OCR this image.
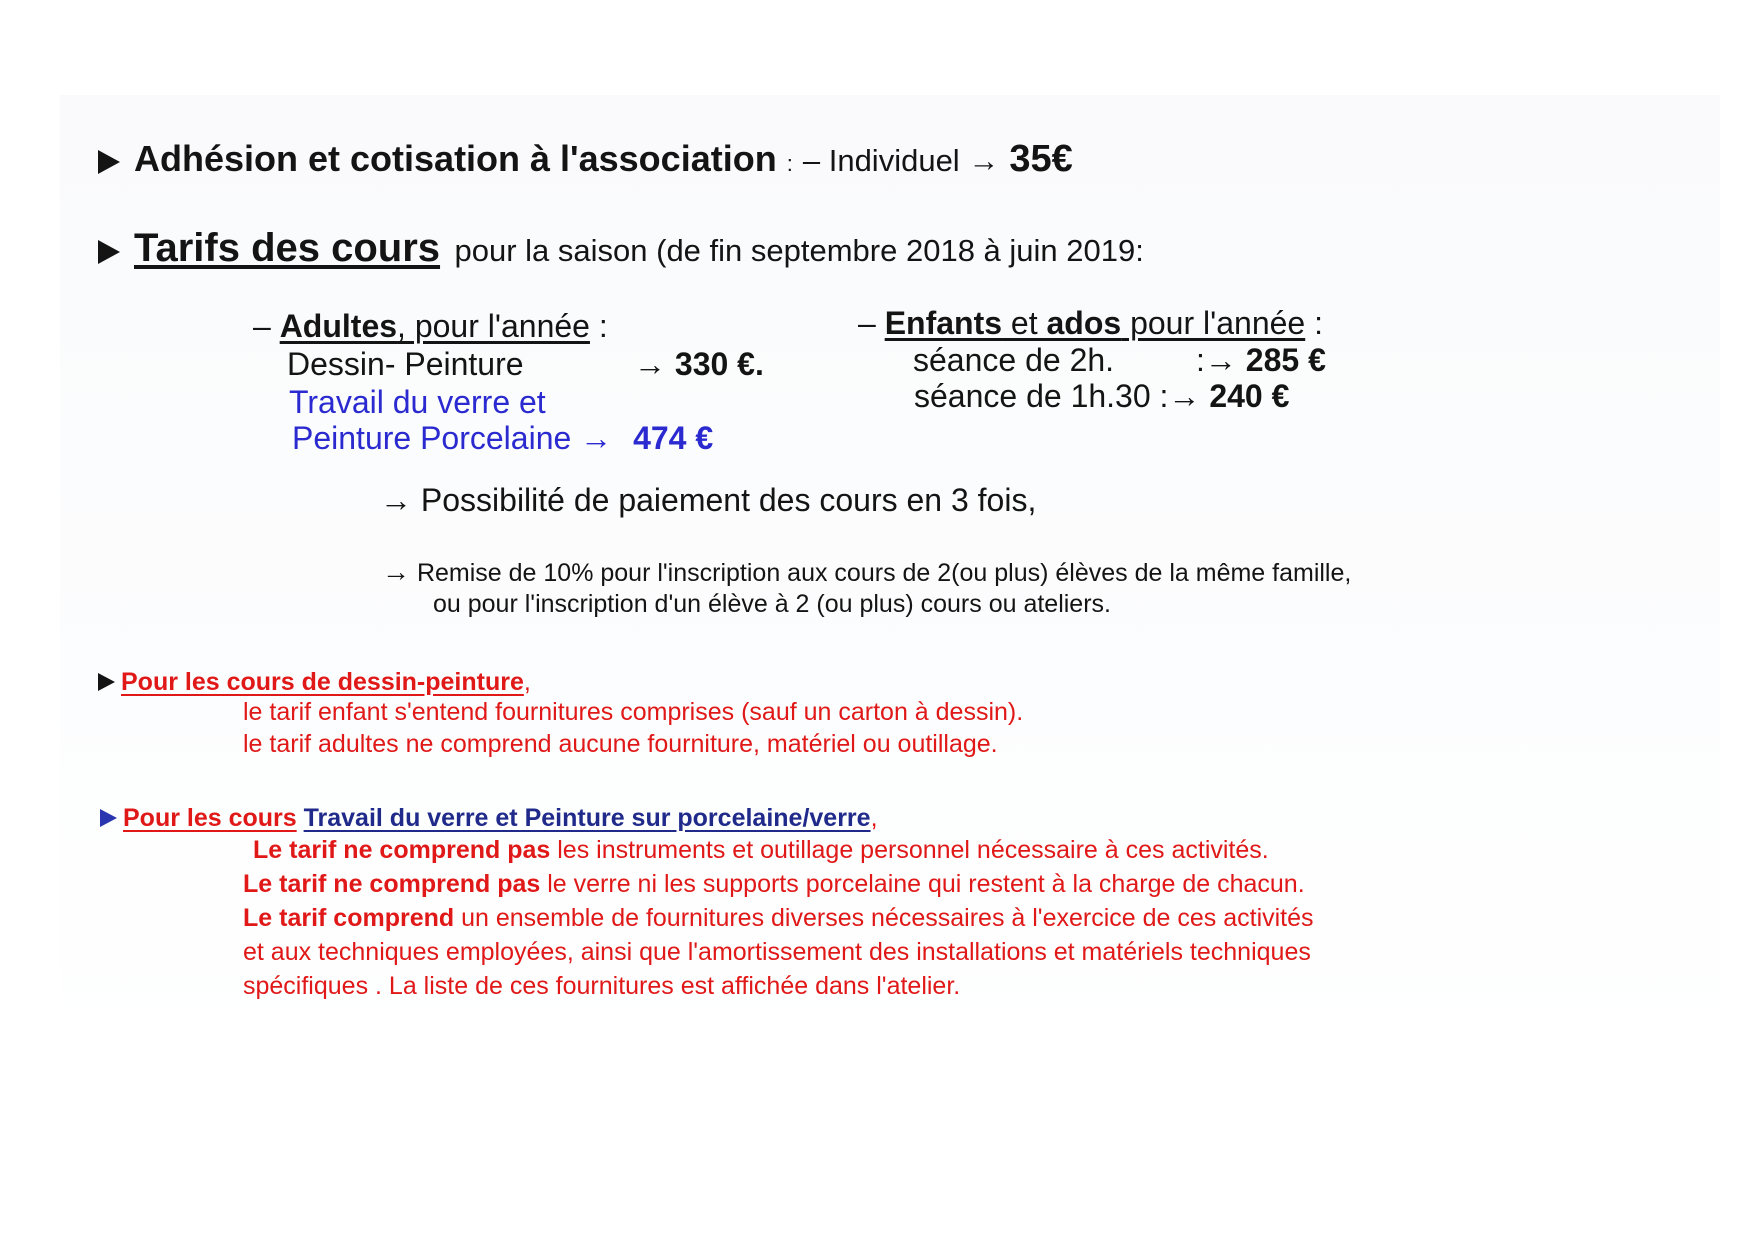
Adhésion et cotisation à l'association : – Individuel → 35€
Tarifs des cours pour la saison (de fin septembre 2018 à juin 2019:
– Adultes, pour l'année :
Dessin- Peinture	→ 330 €.
Travail du verre et
Peinture Porcelaine → 474 €
– Enfants et ados pour l'année :
séance de 2h.	:→ 285 €
séance de 1h.30 :→ 240 €
→ Possibilité de paiement des cours en 3 fois,
→ Remise de 10% pour l'inscription aux cours de 2(ou plus) élèves de la même famille,
ou pour l'inscription d'un élève à 2 (ou plus) cours ou ateliers.
Pour les cours de dessin-peinture,
le tarif enfant s'entend fournitures comprises (sauf un carton à dessin).
le tarif adultes ne comprend aucune fourniture, matériel ou outillage.
Pour les cours Travail du verre et Peinture sur porcelaine/verre,
Le tarif ne comprend pas les instruments et outillage personnel nécessaire à ces activités.
Le tarif ne comprend pas le verre ni les supports porcelaine qui restent à la charge de chacun.
Le tarif comprend un ensemble de fournitures diverses nécessaires à l'exercice de ces activités
et aux techniques employées, ainsi que l'amortissement des installations et matériels techniques
spécifiques . La liste de ces fournitures est affichée dans l'atelier.
